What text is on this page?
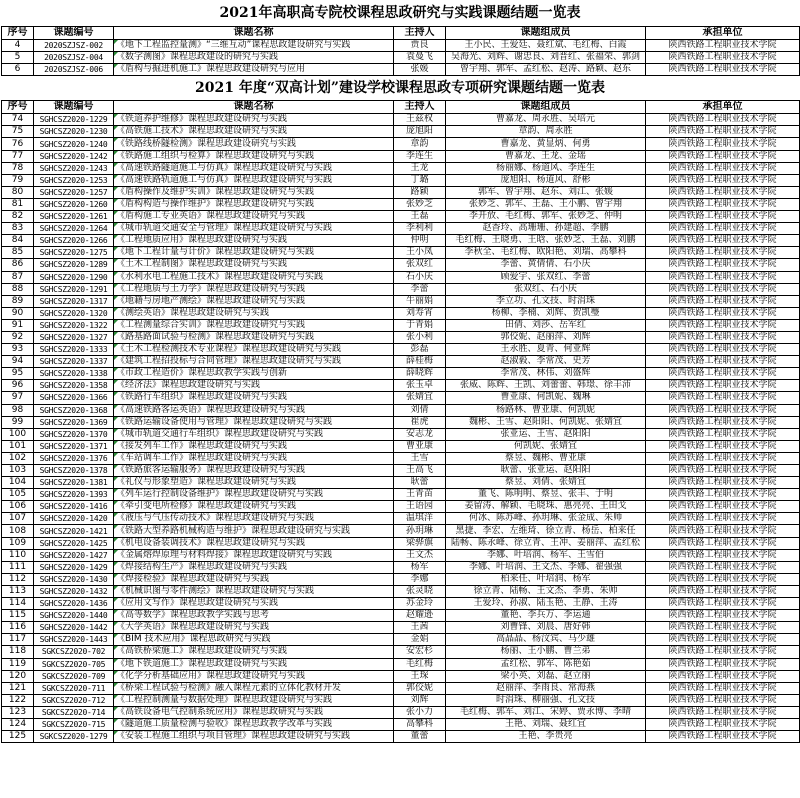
2021年高职高专院校课程思政研究与实践课题结题一览表
序号	课题编号	课题名称	主持人	课题组成员	承担单位
4	2020SZJSZ-002	《地下工程监控量测》“三维互动”课程思政建设研究与实践	贾良	王小民、王爱廷、聂红斌、毛红梅、白霞	陕西铁路工程职业技术学院
5	2020SZJSZ-004	《数字测图》课程思政建设的研究与实践	袁曼飞	吴海光、刘辉、谢忠良、刘晋红、张福荣、郭剑	陕西铁路工程职业技术学院
6	2020SZJSZ-006	《盾构与掘进机施工》课程思政建设研究与应用	张媛	曾宇翔、郭军、孟红松、赵涛、路颖、赵东	陕西铁路工程职业技术学院
2021 年度“双高计划”建设学校课程思政专项研究课题结题一览表
序号	课题编号	课题名称	主持人	课题组成员	承担单位
74	SGHCSZ2020-1229	《铁道养护维修》课程思政建设研究与实践	王兹权	曹嘉龙、周永胜、吴培元	陕西铁路工程职业技术学院
75	SGHCSZ2020-1230	《高铁施工技术》课程思政建设研究与实践	庞旭阳	章韵、周永胜	陕西铁路工程职业技术学院
76	SGHCSZ2020-1240	《铁路线桥隧检测》课程思政建设研究与实践	章韵	曹嘉龙、黄显炳、何勇	陕西铁路工程职业技术学院
77	SGHCSZ2020-1242	《铁路施工组织与检算》课程思政建设研究与实践	李连生	曹嘉龙、王龙、金瑶	陕西铁路工程职业技术学院
78	SGHCSZ2020-1243	《高速铁路隧道施工与仿真》课程思政建设研究与实践	王龙	杨丽娜、杨道风、李连生	陕西铁路工程职业技术学院
79	SGHCSZ2020-1253	《高速铁路轨道施工与仿真》课程思政建设研究与实践	丁璐	庞旭阳、杨道风、舒彬	陕西铁路工程职业技术学院
80	SGHCSZ2020-1257	《盾构操作及维护实训》课程思政建设研究与实践	路颖	郭军、曾宇翔、赵东、刘江、张媛	陕西铁路工程职业技术学院
81	SGHCSZ2020-1260	《盾构构造与操作维护》课程思政建设研究与实践	张妙芝	张妙芝、郭军、王磊、王小鹏、曾宇翔	陕西铁路工程职业技术学院
82	SGHCSZ2020-1261	《盾构施工专业英语》课程思政建设研究与实践	王磊	李开放、毛红梅、郭军、张妙芝、仲明	陕西铁路工程职业技术学院
83	SGHCSZ2020-1264	《城市轨道交通安全与管理》课程思政建设研究与实践	李利利	赵香玲、高珊珊、孙建超、李鹏	陕西铁路工程职业技术学院
84	SGHCSZ2020-1266	《工程地质应用》课程思政建设研究与实践	仲明	毛红梅、王晓勇、王晗、张妙芝、王磊、刘鹏	陕西铁路工程职业技术学院
85	SGHCSZ2020-1275	《地下工程计量与计价》课程思政建设研究与实践	王小凤	李秋全、毛红梅、欧阳艳、刘瑞、高攀科	陕西铁路工程职业技术学院
86	SGHCSZ2020-1289	《土木工程制图》课程思政建设研究与实践	张双红	李蕾、黄倩倩、石小庆	陕西铁路工程职业技术学院
87	SGHCSZ2020-1290	《水利水电工程施工技术》课程思政建设研究与实践	石小庆	顾爱宇、张双红、李蕾	陕西铁路工程职业技术学院
88	SGHCSZ2020-1291	《工程地质与土力学》课程思政建设研究与实践	李蕾	张双红、石小庆	陕西铁路工程职业技术学院
89	SGHCSZ2020-1317	《地籍与房地产测绘》课程思政建设研究与实践	牛丽娟	李立功、孔文技、时涓珠	陕西铁路工程职业技术学院
90	SGHCSZ2020-1320	《测绘英语》课程思政建设研究与实践	刘寿宵	杨柳、李楠、刘辉、贺凯璺	陕西铁路工程职业技术学院
91	SGHCSZ2020-1322	《工程测量综合实训》课程思政建设研究与实践	于青娟	田倩、刘莎、岳军红	陕西铁路工程职业技术学院
92	SGHCSZ2020-1327	《路基路面试验与检测》课程思政建设研究与实践	张小利	郭佼妮、赵丽萍、刘辉	陕西铁路工程职业技术学院
93	SGHCSZ2020-1333	《土木工程检测技术专业课程》课程思政建设研究与实践	彭磊	王永胜、夏青、何亚辉	陕西铁路工程职业技术学院
94	SGHCSZ2020-1337	《建筑工程招投标与合同管理》课程思政建设研究与实践	薛桂梅	赵淑毅、李常茂、史芳	陕西铁路工程职业技术学院
95	SGHCSZ2020-1338	《市政工程造价》课程思政教学实践与创新	薛晓辉	李常茂、林伟、刘盛辉	陕西铁路工程职业技术学院
96	SGHCSZ2020-1358	《经济法》课程思政建设研究与实践	张玉卓	张威、陈辉、王凯、刘蕾蕾、韩璟、徐丰沛	陕西铁路工程职业技术学院
97	SGHCSZ2020-1366	《铁路行车组织》课程思政建设研究与实践	张婧宜	曹亚康、何凯妮、魏琳	陕西铁路工程职业技术学院
98	SGHCSZ2020-1368	《高速铁路客运英语》课程思政建设研究与实践	刘倩	杨路林、曹亚康、何凯妮	陕西铁路工程职业技术学院
99	SGHCSZ2020-1369	《铁路运输设备使用与管理》课程思政建设研究与实践	崔虎	魏彬、王雪、赵阳阳、何凯妮、张婧宜	陕西铁路工程职业技术学院
100	SGHCSZ2020-1370	《城市轨道交通行车组织》课程思政建设研究与实践	安志龙	张亚运、王雪、赵阳阳	陕西铁路工程职业技术学院
101	SGHCSZ2020-1371	《接发列车工作》课程思政建设研究与实践	曹亚康	何凯妮、张婧宜	陕西铁路工程职业技术学院
102	SGHCSZ2020-1376	《车站调车工作》课程思政建设研究与实践	王雪	蔡昱、魏彬、曹亚康	陕西铁路工程职业技术学院
103	SGHCSZ2020-1378	《铁路旅客运输服务》课程思政建设研究与实践	王高飞	耿蕾、张亚运、赵阳阳	陕西铁路工程职业技术学院
104	SGHCSZ2020-1381	《礼仪与形象塑造》课程思政建设研究与实践	耿蕾	蔡昱、刘倩、张婧宜	陕西铁路工程职业技术学院
105	SGHCSZ2020-1393	《列车运行控制设备维护》课程思政建设研究与实践	王青苗	董飞、陈明明、蔡昱、张丰、于明	陕西铁路工程职业技术学院
106	SGHCSZ2020-1416	《牵引变电所检修》课程思政建设研究与实践	王语园	姜留涛、解颖、毛晓珠、惠亮亮、王田戈	陕西铁路工程职业技术学院
107	SGHCSZ2020-1420	《液压与气压传动技术》课程思政建设研究与实践	温琪洋	何冰、陈苏峰、孙玥琳、张金成、朱帅	陕西铁路工程职业技术学院
108	SGHCSZ2020-1421	《铁路大型养路机械构造与维护》课程思政建设研究与实践	孙玥琳	黑捷、李宏、左维琦、徐立青、杨岳、柏来任	陕西铁路工程职业技术学院
109	SGHCSZ2020-1425	《机电设备装调技术》课程思政建设研究与实践	梁骅旗	陆畅、陈永峰、徐立青、王冲、姜丽萍、孟红松	陕西铁路工程职业技术学院
110	SGHCSZ2020-1427	《金属熔焊原理与材料焊接》课程思政建设研究与实践	王文杰	李娜、叶培润、杨军、王雪伯	陕西铁路工程职业技术学院
111	SGHCSZ2020-1429	《焊接结构生产》课程思政建设研究与实践	杨军	李娜、叶培润、王文杰、李娜、翟强强	陕西铁路工程职业技术学院
112	SGHCSZ2020-1430	《焊接检验》课程思政建设研究与实践	李娜	柏来任、叶培润、杨军	陕西铁路工程职业技术学院
113	SGHCSZ2020-1432	《机械识图与零件测绘》课程思政建设研究与实践	张灵晓	徐立青、陆畅、王文杰、李勇、朱帅	陕西铁路工程职业技术学院
114	SGHCSZ2020-1436	《应用文写作》课程思政建设研究与实践	苏金玲	王爱玲、孙淑、陆玉艳、王静、王涛	陕西铁路工程职业技术学院
115	SGHCSZ2020-1440	《高等数学》课程思政教学实践与思考	赵耀逊	董艳、李兵万、李运通	陕西铁路工程职业技术学院
116	SGHCSZ2020-1442	《大学英语》课程思政建设研究与实践	王茜	刘曹锋、刘晨、唐好韩	陕西铁路工程职业技术学院
117	SGHCSZ2020-1443	《BIM 技术应用》课程思政研究与实践	金娟	高晶晶、杨汶宾、马少雄	陕西铁路工程职业技术学院
118	SGKCSZ2020-702	《高铁桥梁施工》课程思政建设研究与实践	安宏杉	杨丽、王小鹏、曹兰弟	陕西铁路工程职业技术学院
119	SGKCSZ2020-705	《地下铁道施工》课程思政建设研究与实践	毛红梅	孟红松、郭军、陈艳茹	陕西铁路工程职业技术学院
120	SGKCSZ2020-709	《化学分析基础应用》课程思政建设研究与实践	王琛	梁小英、刘磊、赵立丽	陕西铁路工程职业技术学院
121	SGKCSZ2020-711	《桥梁工程试验与检测》融入课程元素的立体化教材开发	郭佼妮	赵丽萍、李雨良、常海燕	陕西铁路工程职业技术学院
122	SGKCSZ2020-712	《工程控制测量与数据处理》课程思政建设研究与实践	刘辉	时涓珠、柳丽强、孔文技	陕西铁路工程职业技术学院
123	SGKCSZ2020-714	《高铁设备电气控制系统应用》课程思政研究与实践	张小力	毛红梅、郭军、刘江、宋婷、贾永博、李晴	陕西铁路工程职业技术学院
124	SGKCSZ2020-715	《隧道施工质量检测与验收》课程思政教学改革与实践	高攀科	王艳、刘瑞、聂红宜	陕西铁路工程职业技术学院
125	SGKCSZ2020-1279	《安装工程施工组织与项目管理》课程思政建设研究与实践	董蕾	王艳、李贵亮	陕西铁路工程职业技术学院
